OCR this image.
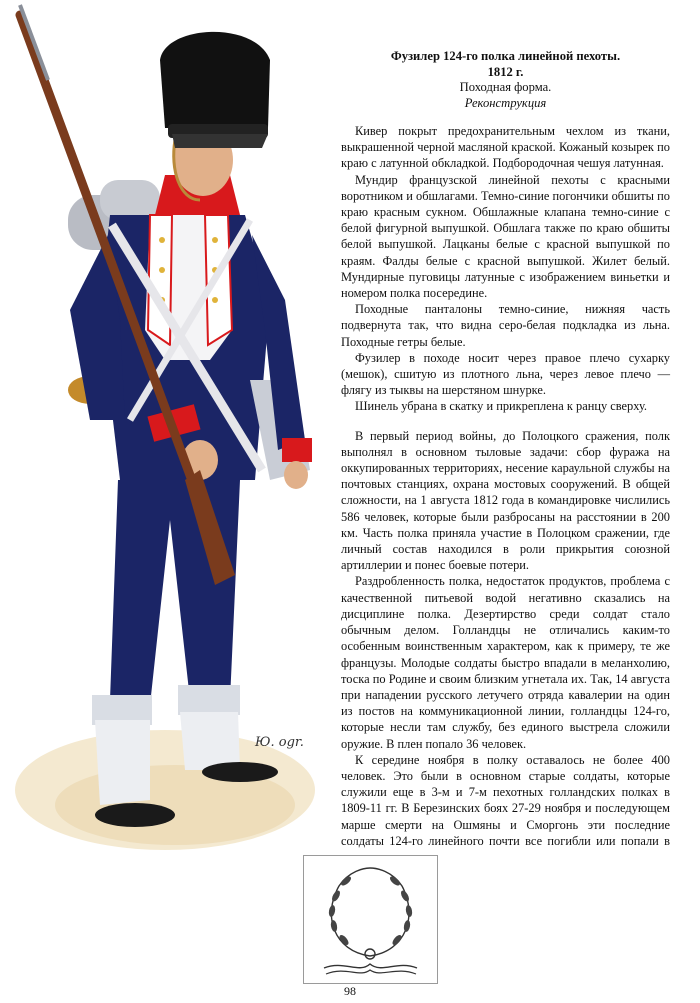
Ю. ogr.
Фузилер 124-го полка линейной пехоты.
1812 г.
Походная форма.
Реконструкция

Кивер покрыт предохранительным чехлом из ткани, выкрашенной черной масляной краской. Кожаный козырек по краю с латунной обкладкой. Подбородочная чешуя латунная.

Мундир французской линейной пехоты с красными воротником и обшлагами. Темно-синие погончики обшиты по краю красным сукном. Обшлажные клапана темно-синие с белой фигурной выпушкой. Обшлага также по краю обшиты белой выпушкой. Лацканы белые с красной выпушкой по краям. Фалды белые с красной выпушкой. Жилет белый. Мундирные пуговицы латунные с изображением виньетки и номером полка посередине.

Походные панталоны темно-синие, нижняя часть подвернута так, что видна серо-белая подкладка из льна. Походные гетры белые.

Фузилер в походе носит через правое плечо сухарку (мешок), сшитую из плотного льна, через левое плечо — флягу из тыквы на шерстяном шнурке.

Шинель убрана в скатку и прикреплена к ранцу сверху.

В первый период войны, до Полоцкого сражения, полк выполнял в основном тыловые задачи: сбор фуража на оккупированных территориях, несение караульной службы на почтовых станциях, охрана мостовых сооружений. В общей сложности, на 1 августа 1812 года в командировке числились 586 человек, которые были разбросаны на расстоянии в 200 км. Часть полка приняла участие в Полоцком сражении, где личный состав находился в роли прикрытия союзной артиллерии и понес боевые потери.

Раздробленность полка, недостаток продуктов, проблема с качественной питьевой водой негативно сказались на дисциплине полка. Дезертирство среди солдат стало обычным делом. Голландцы не отличались каким-то особенным воинственным характером, как к примеру, те же французы. Молодые солдаты быстро впадали в меланхолию, тоска по Родине и своим близким угнетала их. Так, 14 августа при нападении русского летучего отряда кавалерии на один из постов на коммуникационной линии, голландцы 124-го, которые несли там службу, без единого выстрела сложили оружие. В плен попало 36 человек.

К середине ноября в полку оставалось не более 400 человек. Это были в основном старые солдаты, которые служили еще в 3-м и 7-м пехотных голландских полках в 1809-11 гг. В Березинских боях 27-29 ноября и последующем марше смерти на Ошмяны и Сморгонь эти последние солдаты 124-го линейного почти все погибли или попали в

98
